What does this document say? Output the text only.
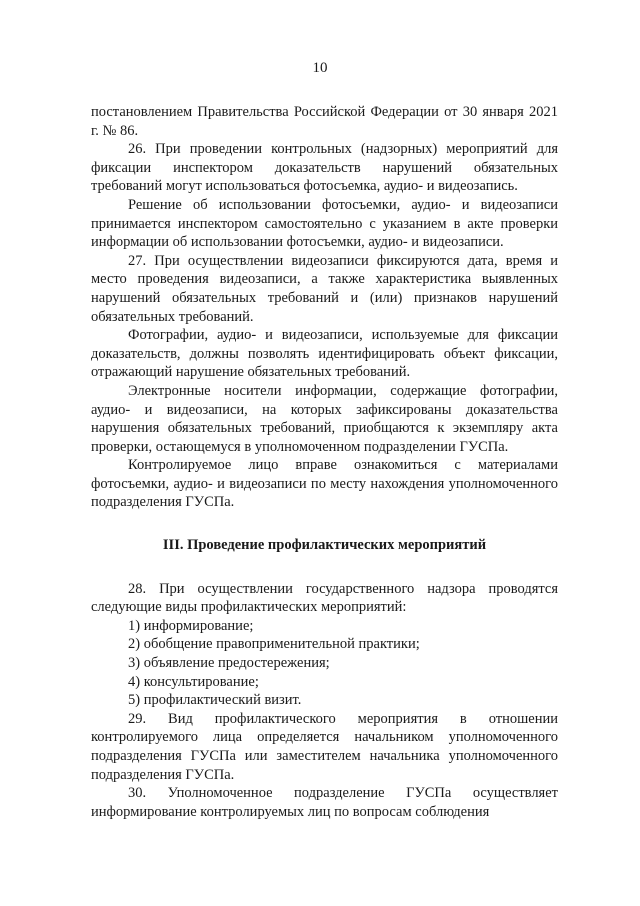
10

постановлением Правительства Российской Федерации от 30 января 2021 г. № 86.

26. При проведении контрольных (надзорных) мероприятий для фиксации инспектором доказательств нарушений обязательных требований могут использоваться фотосъемка, аудио- и видеозапись.

Решение об использовании фотосъемки, аудио- и видеозаписи принимается инспектором самостоятельно с указанием в акте проверки информации об использовании фотосъемки, аудио- и видеозаписи.

27. При осуществлении видеозаписи фиксируются дата, время и место проведения видеозаписи, а также характеристика выявленных нарушений обязательных требований и (или) признаков нарушений обязательных требований.

Фотографии, аудио- и видеозаписи, используемые для фиксации доказательств, должны позволять идентифицировать объект фиксации, отражающий нарушение обязательных требований.

Электронные носители информации, содержащие фотографии, аудио- и видеозаписи, на которых зафиксированы доказательства нарушения обязательных требований, приобщаются к экземпляру акта проверки, остающемуся в уполномоченном подразделении ГУСПа.

Контролируемое лицо вправе ознакомиться с материалами фотосъемки, аудио- и видеозаписи по месту нахождения уполномоченного подразделения ГУСПа.

III. Проведение профилактических мероприятий

28. При осуществлении государственного надзора проводятся следующие виды профилактических мероприятий:

1) информирование;

2) обобщение правоприменительной практики;

3) объявление предостережения;

4) консультирование;

5) профилактический визит.

29. Вид профилактического мероприятия в отношении контролируемого лица определяется начальником уполномоченного подразделения ГУСПа или заместителем начальника уполномоченного подразделения ГУСПа.

30. Уполномоченное подразделение ГУСПа осуществляет информирование контролируемых лиц по вопросам соблюдения
